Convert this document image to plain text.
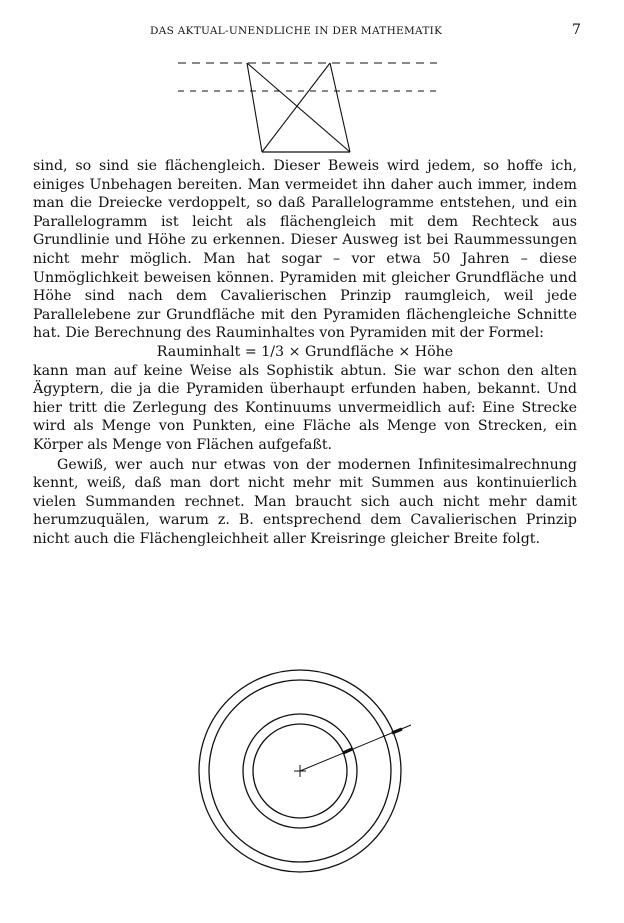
DAS AKTUAL-UNENDLICHE IN DER MATHEMATIK	7

sind, so sind sie flächengleich. Dieser Beweis wird jedem, so hoffe ich, einiges Unbehagen bereiten. Man vermeidet ihn daher auch immer, indem man die Dreiecke verdoppelt, so daß Parallelogramme entstehen, und ein Parallelogramm ist leicht als flächengleich mit dem Rechteck aus Grundlinie und Höhe zu erkennen. Dieser Ausweg ist bei Raummessungen nicht mehr möglich. Man hat sogar – vor etwa 50 Jahren – diese Unmöglichkeit beweisen können. Pyramiden mit gleicher Grundfläche und Höhe sind nach dem Cavalierischen Prinzip raumgleich, weil jede Parallelebene zur Grundfläche mit den Pyramiden flächengleiche Schnitte hat. Die Berechnung des Rauminhaltes von Pyramiden mit der Formel:

Rauminhalt = 1/3 × Grundfläche × Höhe

kann man auf keine Weise als Sophistik abtun. Sie war schon den alten Ägyptern, die ja die Pyramiden überhaupt erfunden haben, bekannt. Und hier tritt die Zerlegung des Kontinuums unvermeidlich auf: Eine Strecke wird als Menge von Punkten, eine Fläche als Menge von Strecken, ein Körper als Menge von Flächen aufgefaßt.

Gewiß, wer auch nur etwas von der modernen Infinitesimalrechnung kennt, weiß, daß man dort nicht mehr mit Summen aus kontinuierlich vielen Summanden rechnet. Man braucht sich auch nicht mehr damit herumzuquälen, warum z. B. entsprechend dem Cavalierischen Prinzip nicht auch die Flächengleichheit aller Kreisringe gleicher Breite folgt.
